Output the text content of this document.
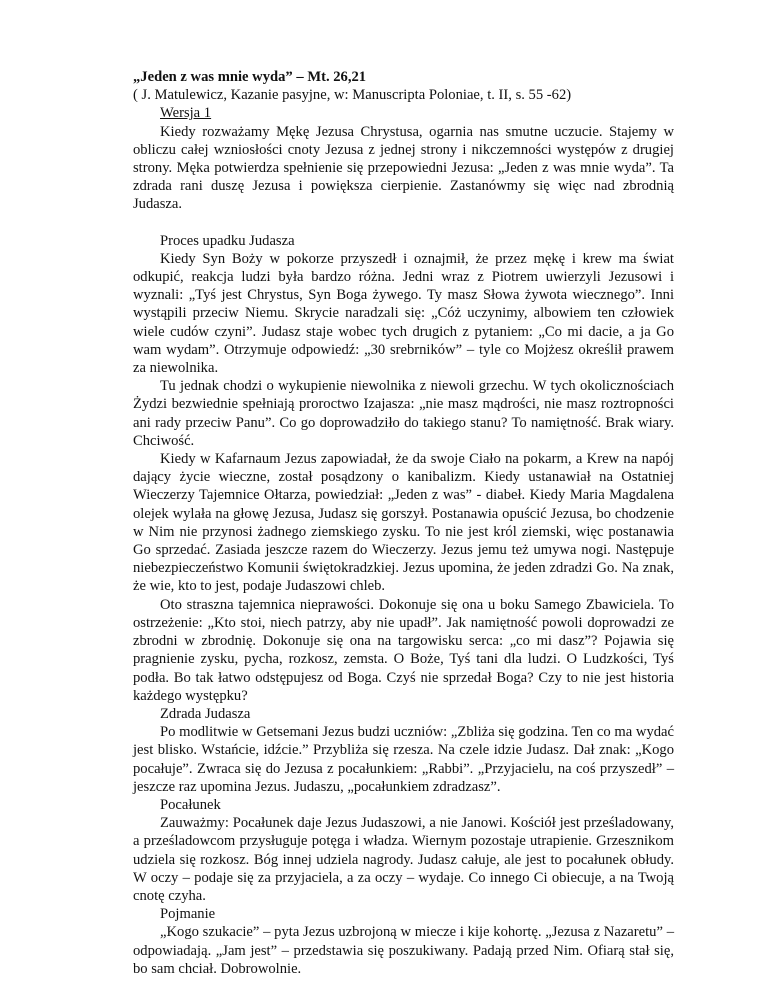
„Jeden z was mnie wyda” – Mt. 26,21

( J. Matulewicz, Kazanie pasyjne, w: Manuscripta Poloniae, t. II, s. 55 -62)

Wersja 1

Kiedy rozważamy Mękę Jezusa Chrystusa, ogarnia nas smutne uczucie. Stajemy w obliczu całej wzniosłości cnoty Jezusa z jednej strony i nikczemności występów z drugiej strony. Męka potwierdza spełnienie się przepowiedni Jezusa: „Jeden z was mnie wyda”. Ta zdrada rani duszę Jezusa i powiększa cierpienie. Zastanówmy się więc nad zbrodnią Judasza.

Proces upadku Judasza

Kiedy Syn Boży w pokorze przyszedł i oznajmił, że przez mękę i krew ma świat odkupić, reakcja ludzi była bardzo różna. Jedni wraz z Piotrem uwierzyli Jezusowi i wyznali: „Tyś jest Chrystus, Syn Boga żywego. Ty masz Słowa żywota wiecznego”. Inni wystąpili przeciw Niemu. Skrycie naradzali się: „Cóż uczynimy, albowiem ten człowiek wiele cudów czyni”. Judasz staje wobec tych drugich z pytaniem: „Co mi dacie, a ja Go wam wydam”. Otrzymuje odpowiedź: „30 srebrników” – tyle co Mojżesz określił prawem za niewolnika.

Tu jednak chodzi o wykupienie niewolnika z niewoli grzechu. W tych okolicznościach Żydzi bezwiednie spełniają proroctwo Izajasza: „nie masz mądrości, nie masz roztropności ani rady przeciw Panu”. Co go doprowadziło do takiego stanu? To namiętność. Brak wiary. Chciwość.

Kiedy w Kafarnaum Jezus zapowiadał, że da swoje Ciało na pokarm, a Krew na napój dający życie wieczne, został posądzony o kanibalizm. Kiedy ustanawiał na Ostatniej Wieczerzy Tajemnice Ołtarza, powiedział: „Jeden z was” - diabeł. Kiedy Maria Magdalena olejek wylała na głowę Jezusa, Judasz się gorszył. Postanawia opuścić Jezusa, bo chodzenie w Nim nie przynosi żadnego ziemskiego zysku. To nie jest król ziemski, więc postanawia Go sprzedać. Zasiada jeszcze razem do Wieczerzy. Jezus jemu też umywa nogi. Następuje niebezpieczeństwo Komunii świętokradzkiej. Jezus upomina, że jeden zdradzi Go. Na znak, że wie, kto to jest, podaje Judaszowi chleb.

Oto straszna tajemnica nieprawości. Dokonuje się ona u boku Samego Zbawiciela. To ostrzeżenie: „Kto stoi, niech patrzy, aby nie upadł”. Jak namiętność powoli doprowadzi ze zbrodni w zbrodnię. Dokonuje się ona na targowisku serca: „co mi dasz”? Pojawia się pragnienie zysku, pycha, rozkosz, zemsta. O Boże, Tyś tani dla ludzi. O Ludzkości, Tyś podła. Bo tak łatwo odstępujesz od Boga. Czyś nie sprzedał Boga? Czy to nie jest historia każdego występku?

Zdrada Judasza

Po modlitwie w Getsemani Jezus budzi uczniów: „Zbliża się godzina. Ten co ma wydać jest blisko. Wstańcie, idźcie.” Przybliża się rzesza. Na czele idzie Judasz. Dał znak: „Kogo pocałuje”. Zwraca się do Jezusa z pocałunkiem: „Rabbi”. „Przyjacielu, na coś przyszedł” – jeszcze raz upomina Jezus. Judaszu, „pocałunkiem zdradzasz”.

Pocałunek

Zauważmy: Pocałunek daje Jezus Judaszowi, a nie Janowi. Kościół jest prześladowany, a prześladowcom przysługuje potęga i władza. Wiernym pozostaje utrapienie. Grzesznikom udziela się rozkosz. Bóg innej udziela nagrody. Judasz całuje, ale jest to pocałunek obłudy. W oczy – podaje się za przyjaciela, a za oczy – wydaje. Co innego Ci obiecuje, a na Twoją cnotę czyha.

Pojmanie

„Kogo szukacie” – pyta Jezus uzbrojoną w miecze i kije kohortę. „Jezusa z Nazaretu” – odpowiadają. „Jam jest” – przedstawia się poszukiwany. Padają przed Nim. Ofiarą stał się, bo sam chciał. Dobrowolnie.
